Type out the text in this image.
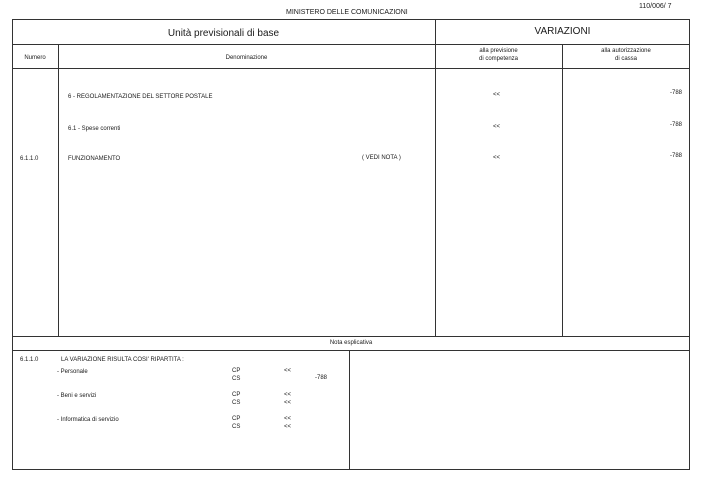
MINISTERO DELLE COMUNICAZIONI
110/006/ 7
Unità previsionali di base	VARIAZIONI
Numero	Denominazione
alla previsione
di competenza
alla autorizzazione
di cassa
6 - REGOLAMENTAZIONE DEL SETTORE POSTALE	<<	-788
6.1 - Spese correnti	<<	-788
6.1.1.0	FUNZIONAMENTO	( VEDI NOTA )	<<	-788
Nota esplicativa
6.1.1.0	LA VARIAZIONE RISULTA COSI' RIPARTITA :
- Personale	CP	<<
CS	-788
- Beni e servizi	CP	<<
CS	<<
- Informatica di servizio	CP	<<
CS	<<
